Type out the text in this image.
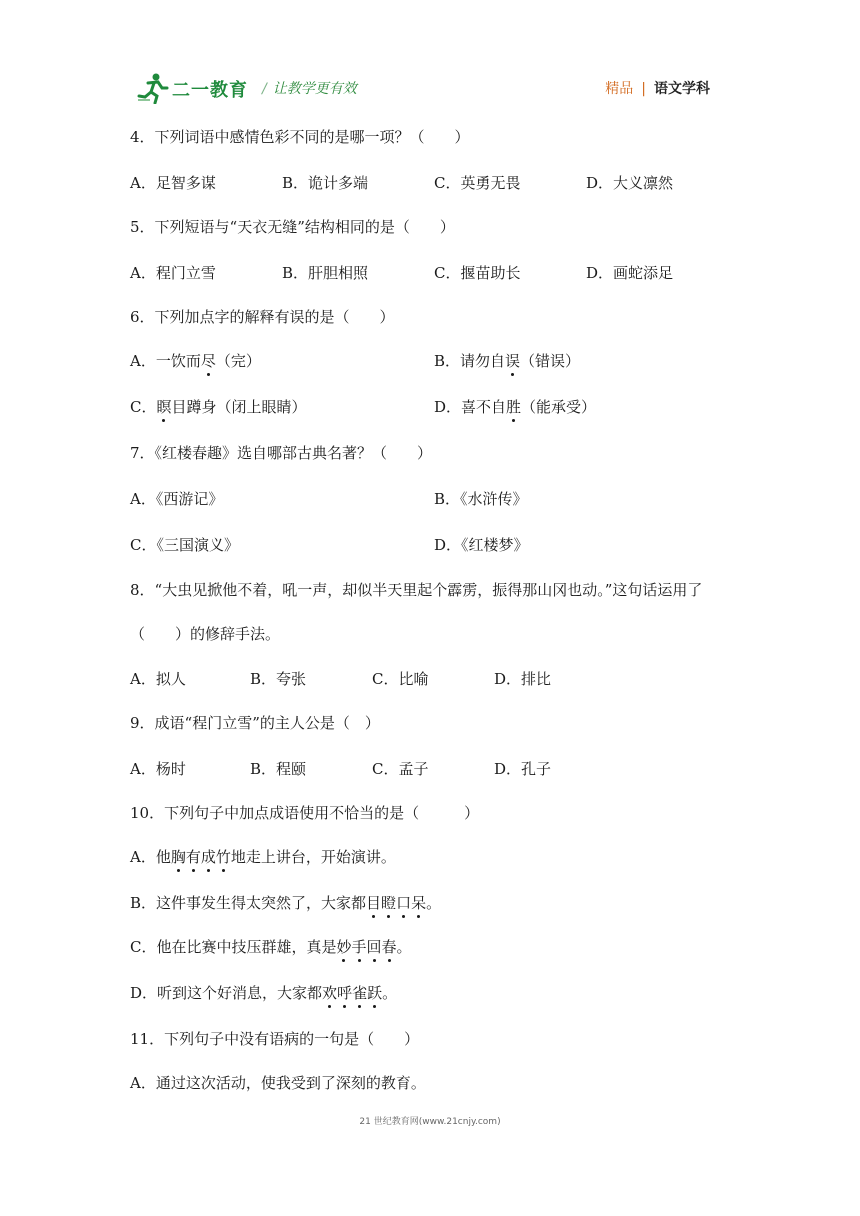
二一教育 / 让教学更有效	精品 | 语文学科
4．下列词语中感情色彩不同的是哪一项？（　　）
A．足智多谋	B．诡计多端	C．英勇无畏	D．大义凛然
5．下列短语与“天衣无缝”结构相同的是（　　）
A．程门立雪	B．肝胆相照	C．揠苗助长	D．画蛇添足
6．下列加点字的解释有误的是（　　）
A．一饮而尽（完）	B．请勿自误（错误）
C．瞑目蹲身（闭上眼睛）	D．喜不自胜（能承受）
7．《红楼春趣》选自哪部古典名著？（　　）
A．《西游记》	B．《水浒传》
C．《三国演义》	D．《红楼梦》
8．“大虫见掀他不着，吼一声，却似半天里起个霹雳，振得那山冈也动。”这句话运用了（　　）的修辞手法。
A．拟人	B．夸张	C．比喻	D．排比
9．成语“程门立雪”的主人公是（　）
A．杨时	B．程颐	C．孟子	D．孔子
10．下列句子中加点成语使用不恰当的是（　　　）
A．他胸有成竹地走上讲台，开始演讲。
B．这件事发生得太突然了，大家都目瞪口呆。
C．他在比赛中技压群雄，真是妙手回春。
D．听到这个好消息，大家都欢呼雀跃。
11．下列句子中没有语病的一句是（　　）
A．通过这次活动，使我受到了深刻的教育。
21 世纪教育网(www.21cnjy.com)
